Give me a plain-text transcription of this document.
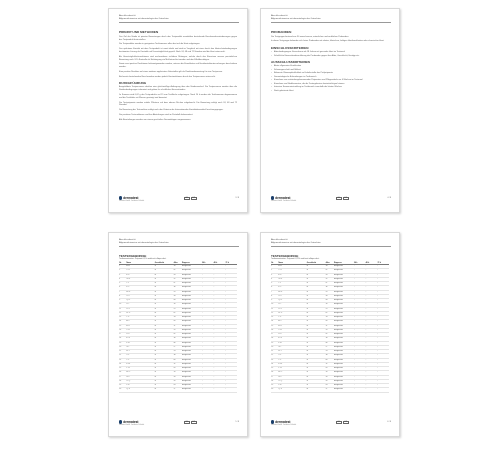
Abschlussbericht
Allgemeinhinweise mit dermatologischer Gutachten
PRINZIP UND METHODEN

Das Ziel der Studie ist primäre Bewertungen durch den Testprodukt unmittelbar bestehende Beschwerdeveränderungen gegen das Testprodukt festzustellen.

Die Testprodukte werden in geeigneten Testkammern offen dort auf die Haut aufgetragen.

Das epikutane Kontakt mit dem Testprodukt ist somit direkt und wird im Vergleich mit einer durch den Hautschutzbedingungen bestimmten Lösung als Kontrolle auf Unverträglichkeit geprüft. Nach 24, 48 und 72 Stunden wird die Haut untersucht.

Als Unverträglichkeitsreaktionen sind nachweisbare sichtbare Rötungen, welche durch das Einsetzen unserer persönlichen Bewertung nach 24 h Kontrolle als Einbringung ein Mal betrachtet werden und den Effektbestätigen.

Sowie zwei positive Reaktionen bekanntgeworden werden, müssen die Einzelheiten auf Hautkontaktuntersuchungen beschrieben werden.

Eine positive Reaktion auf einen anderen applizierten Gütestoffen gilt als Reaktionsbewertung für eine Testperson.

Bei bereits bestehenden Beschwerden werden jedoch Hautreaktionen durch den Testpersonen untersucht.

DURCHFÜHRUNG

Ausgebildete Testpersonen erhalten eine gleichmäßige Auftragung über den Studienverlauf. Die Testpersonen werden über die Studienbedingungen informiert und geben ihr schriftliches Einverständnis.

Je Kammer wird 0,02 g des Testprodukts auf 15 mm Testfläche aufgetragen. Nach 24 h werden die Testkammern abgenommen und die Testfelder mit Wasser gereinigt und bewertet.

Die Testpräparate werden mittels Pflastern auf dem oberen Rücken aufgebracht. Die Bewertung erfolgt nach 24, 48 und 72 Stunden.

Die Bewertung der Testreaktion erfolgt nach den Kriterien der Internationalen Kontaktdermatitis-Forschungsgruppe.

Die positiven Testreaktionen und ihre Abstufungen sind im Protokoll dokumentiert.

Alle Beurteilungen werden von einem geschulten Dermatologen vorgenommen.

dermatest
Dermatest GmbH · Zertifizierte Prüfstelle
ISO	GLP	3 / 8
Abschlussbericht
Allgemeinhinweise mit dermatologischer Gutachten
PROBANDEN

Die Testgruppe bestand aus 30 erwachsenen, männlichen und weiblichen Probanden.

In dieser Testgruppe befanden sich keine Probanden mit akuten, klinischen, heftigen Hautkrankheiten oder chronischer Haut.

EINSCHLUSSKRITERIEN
• Altersbedingungen: Erwachsene ab 18 Jahren mit gesunder Haut im Testareal
• Schriftliche Einverständniserklärung der Probanden gegen über Alter, Geschlecht, Hauttyp etc.
AUSSCHLUSSKRITERIEN
• Akute allgemeine Krankheiten
• Schwangerschaft und Stillzeit
• Bekannte Überempfindlichkeit auf Inhaltsstoffe des Prüfpräparats
• Dermatologische Erkrankungen im Testbereich
• Einnahme von entzündungshemmenden Präparaten und Pflegemitteln vor 4 Wochen im Testareal
• Einnahme von Medikamenten, die die Testergebnisse beeinträchtigen können
• Intensive Sonneneinstrahlung im Testbereich innerhalb der letzten Wochen
• Stark gebräunte Haut
dermatest
Dermatest GmbH · Zertifizierte Prüfstelle
ISO	GLP	4 / 8
Abschlussbericht
Allgemeinhinweise mit dermatologischer Gutachten
TESTERGEBNISSE
Testkonzentration: Präparat 0,1% verdünnt in Aqua dest.
Nr.	Name	Geschlecht	Alter	Diagnose	24 h	48 h	72 h
1	A. B.	w	34	Hautgesund	-	-	-
2	C. D.	w	41	Hautgesund	-	-	-
3	E. F.	m	28	Hautgesund	-	-	-
4	G. H.	w	52	Hautgesund	-	-	-
5	I. J.	w	47	Hautgesund	-	-	-
6	K. L.	m	36	Hautgesund	-	-	-
7	M. N.	w	29	Hautgesund	-	-	-
8	O. P.	w	58	Hautgesund	-	-	-
9	Q. R.	m	44	Hautgesund	-	-	-
10	S. T.	w	39	Hautgesund	-	-	-
11	U. V.	w	25	Hautgesund	-	-	-
12	W. X.	m	61	Hautgesund	-	-	-
13	Y. Z.	w	33	Hautgesund	-	-	-
14	A. C.	w	49	Hautgesund	-	-	-
15	B. D.	m	37	Hautgesund	-	-	-
16	C. E.	w	55	Hautgesund	-	-	-
17	D. F.	w	42	Hautgesund	-	-	-
18	E. G.	m	30	Hautgesund	-	-	-
19	F. H.	w	46	Hautgesund	-	-	-
20	G. I.	w	27	Hautgesund	-	-	-
21	H. J.	m	53	Hautgesund	-	-	-
22	I. K.	w	38	Hautgesund	-	-	-
23	J. L.	w	60	Hautgesund	-	-	-
24	K. M.	m	31	Hautgesund	-	-	-
25	L. N.	w	45	Hautgesund	-	-	-
26	M. O.	w	35	Hautgesund	-	-	-
27	N. P.	m	50	Hautgesund	-	-	-
28	O. Q.	w	26	Hautgesund	-	-	-
29	P. R.	w	43	Hautgesund	-	-	-
30	Q. S.	m	57	Hautgesund	-	-	-
dermatest
Dermatest GmbH · Zertifizierte Prüfstelle
ISO	GLP	5 / 8
Abschlussbericht
Allgemeinhinweise mit dermatologischer Gutachten
TESTERGEBNISSE
Testkonzentration: Präparat 0,25% verdünnt in Aqua dest.
Nr.	Name	Geschlecht	Alter	Diagnose	24 h	48 h	72 h
1	A. B.	w	34	Hautgesund	-	-	-
2	C. D.	w	41	Hautgesund	-	-	-
3	E. F.	m	28	Hautgesund	-	-	-
4	G. H.	w	52	Hautgesund	-	-	-
5	I. J.	w	47	Hautgesund	-	-	-
6	K. L.	m	36	Hautgesund	-	-	-
7	M. N.	w	29	Hautgesund	-	-	-
8	O. P.	w	58	Hautgesund	-	-	-
9	Q. R.	m	44	Hautgesund	-	-	-
10	S. T.	w	39	Hautgesund	-	-	-
11	U. V.	w	25	Hautgesund	-	-	-
12	W. X.	m	61	Hautgesund	-	-	-
13	Y. Z.	w	33	Hautgesund	-	-	-
14	A. C.	w	49	Hautgesund	-	-	-
15	B. D.	m	37	Hautgesund	-	-	-
16	C. E.	w	55	Hautgesund	-	-	-
17	D. F.	w	42	Hautgesund	-	-	-
18	E. G.	m	30	Hautgesund	-	-	-
19	F. H.	w	46	Hautgesund	-	-	-
20	G. I.	w	27	Hautgesund	-	-	-
21	H. J.	m	53	Hautgesund	-	-	-
22	I. K.	w	38	Hautgesund	-	-	-
23	J. L.	w	60	Hautgesund	-	-	-
24	K. M.	m	31	Hautgesund	-	-	-
25	L. N.	w	45	Hautgesund	-	-	-
26	M. O.	w	35	Hautgesund	-	-	-
27	N. P.	m	50	Hautgesund	-	-	-
28	O. Q.	w	26	Hautgesund	-	-	-
29	P. R.	w	43	Hautgesund	-	-	-
30	Q. S.	m	57	Hautgesund	-	-	-
dermatest
Dermatest GmbH · Zertifizierte Prüfstelle
ISO	GLP	6 / 8
